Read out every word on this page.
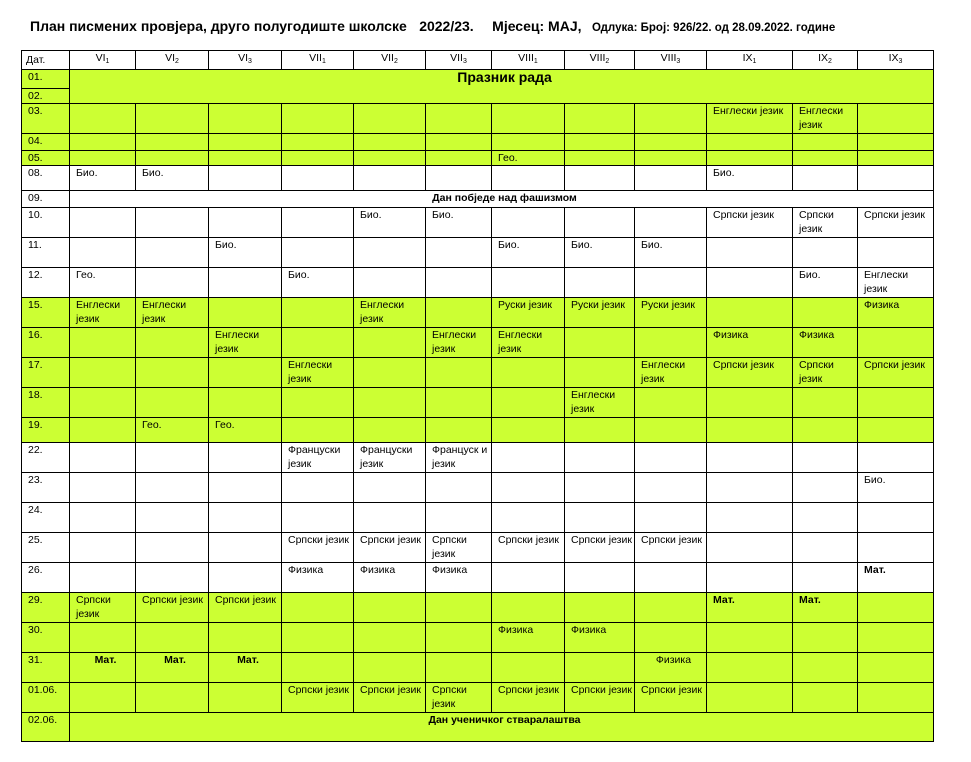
План писмених провјера, друго полугодиште школске 2022/23. Мјесец: МАЈ, Одлука: Број: 926/22. од 28.09.2022. године
Дат.	$VI_1$	$VI_2$	$VI_3$	$VII_1$	$VII_2$	$VII_3$	$VIII_1$	$VIII_2$	$VIII_3$	$IX_1$	$IX_2$	$IX_3$
01.	Празник рада											
02.												
03.										Енглески језик	Енглески језик	
04.												
05.							Гео.					
08.	Био.	Био.								Био.		
09.	Дан побједе над фашизмом											
10.					Био.	Био.				Српски језик	Српски језик	Српски језик
11.			Био.				Био.	Био.	Био.			
12.	Гео.			Био.							Био.	Енглески језик
15.	Енглески језик	Енглески језик			Енглески језик		Руски језик	Руски језик	Руски језик			Физика
16.			Енглески језик			Енглески језик	Енглески језик			Физика	Физика	
17.				Енглески језик					Енглески језик	Српски језик	Српски језик	Српски језик
18.								Енглески језик				
19.		Гео.	Гео.									
22.				Француски језик	Француски језик	Француск и језик						
23.												Био.
24.												
25.				Српски језик	Српски језик	Српски језик	Српски језик	Српски језик	Српски језик			
26.				Физика	Физика	Физика						Мат.
29.	Српски језик	Српски језик	Српски језик							Мат.	Мат.	
30.							Физика	Физика				
31.	Мат.	Мат.	Мат.						Физика			
01.06.				Српски језик	Српски језик	Српски језик	Српски језик	Српски језик	Српски језик			
02.06.	Дан ученичког стваралаштва											
